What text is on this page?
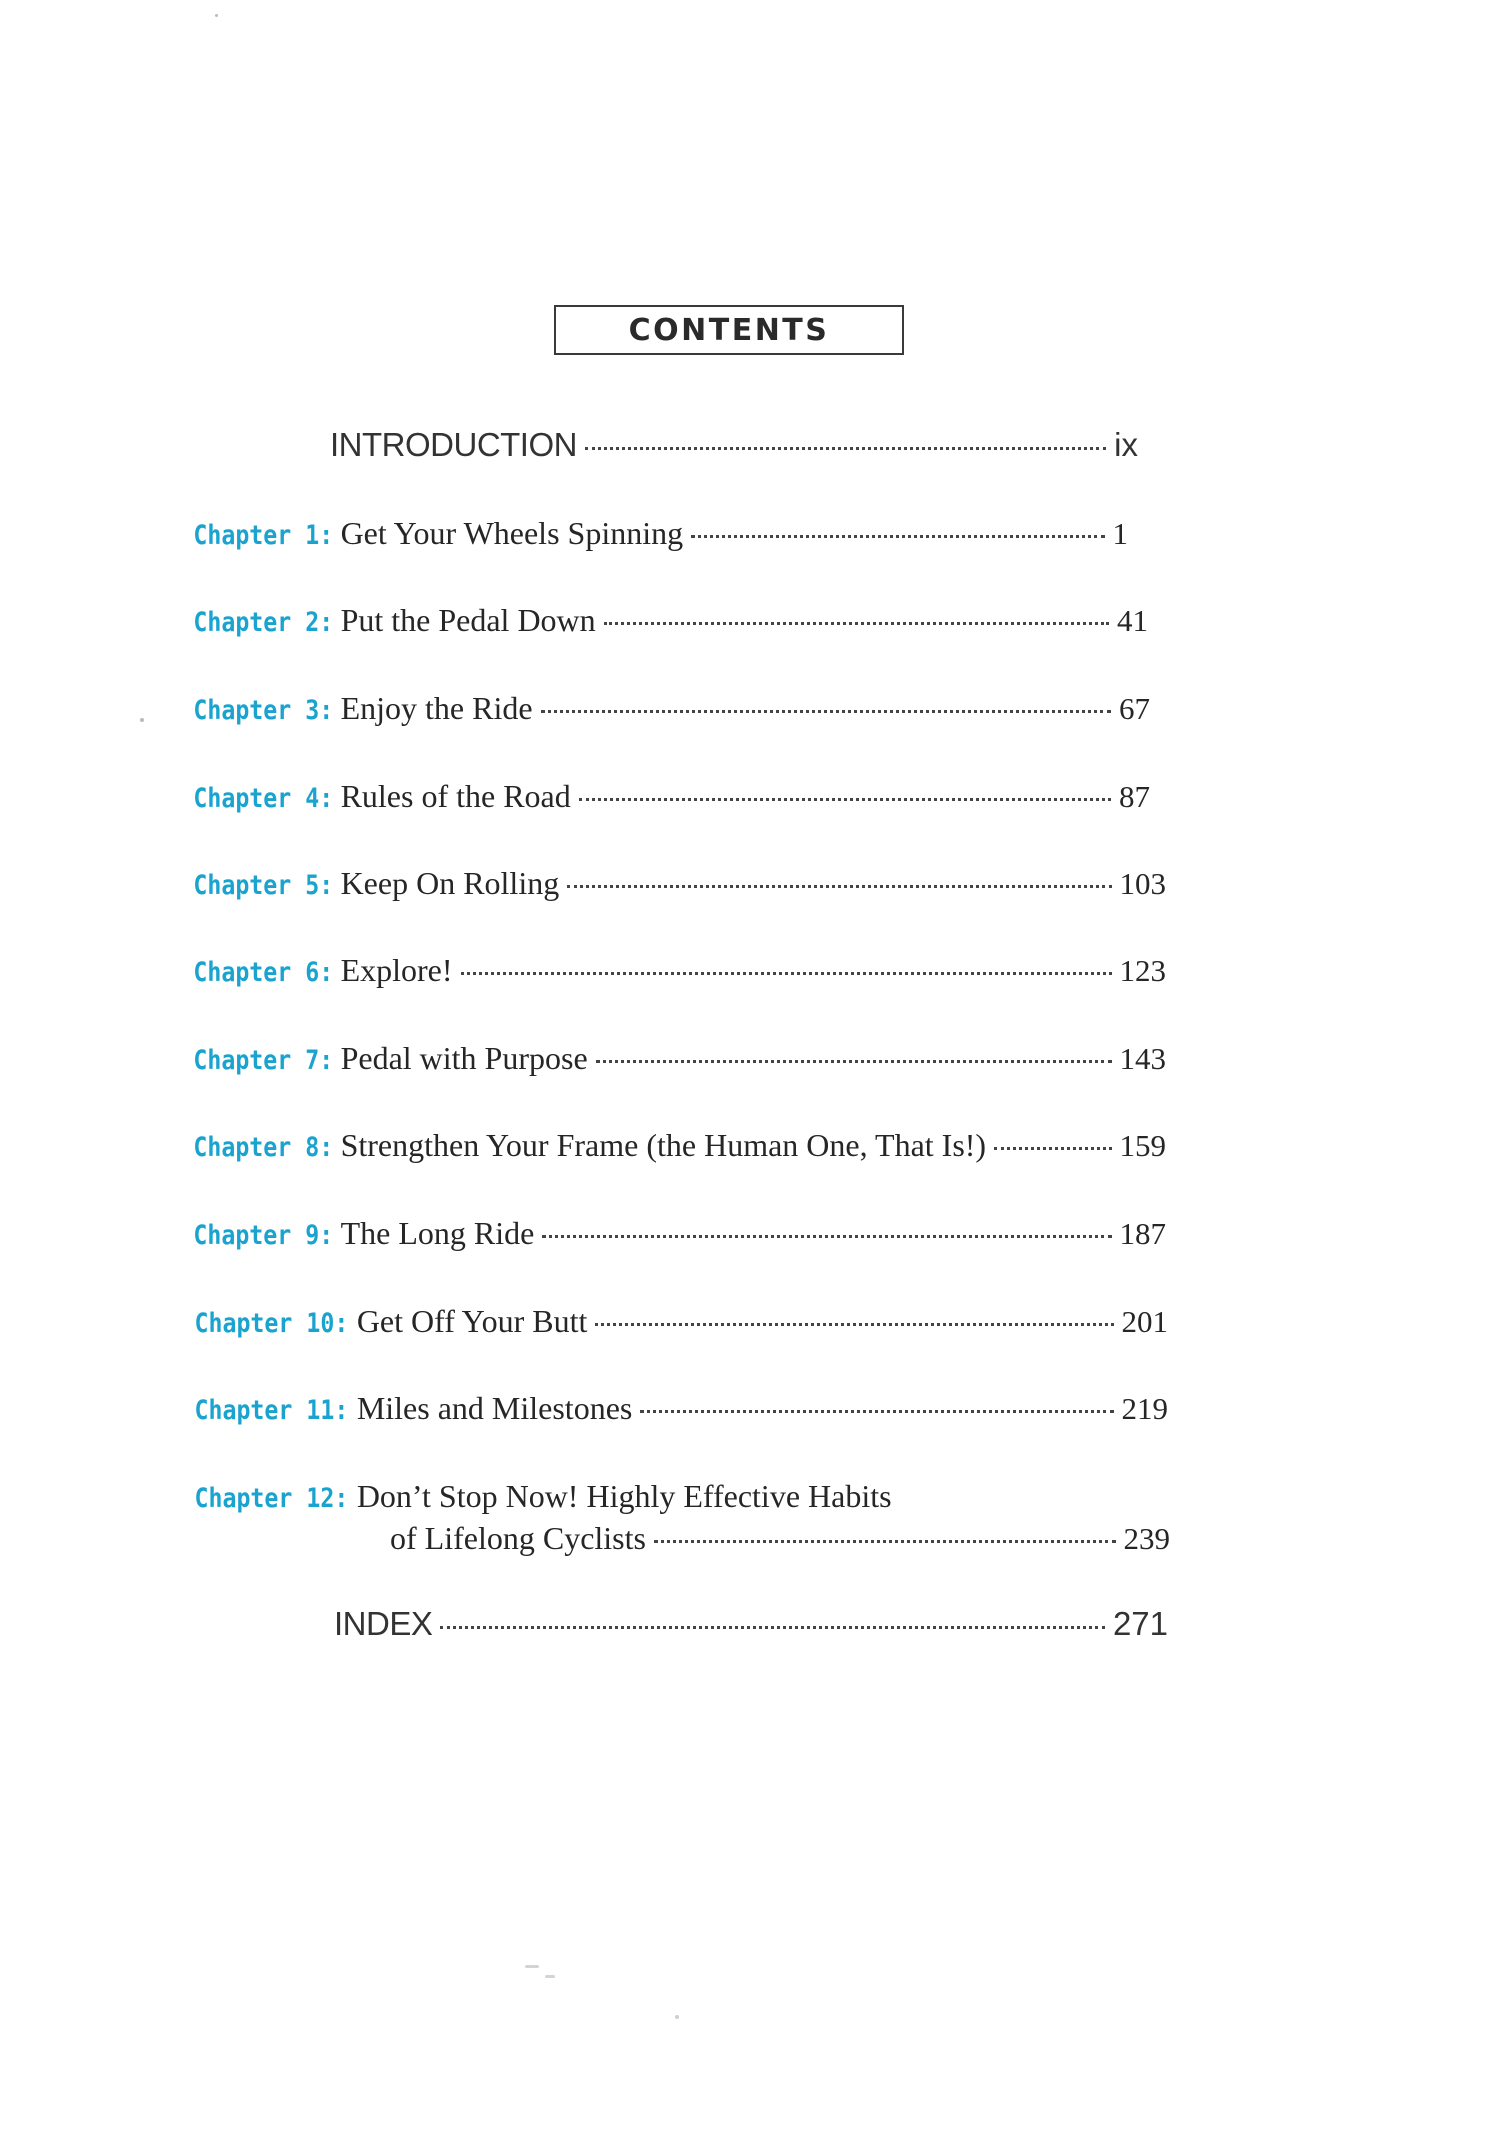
CONTENTS
INTRODUCTION	ix
Chapter 1: Get Your Wheels Spinning	1
Chapter 2: Put the Pedal Down	41
Chapter 3: Enjoy the Ride	67
Chapter 4: Rules of the Road	87
Chapter 5: Keep On Rolling	103
Chapter 6: Explore!	123
Chapter 7: Pedal with Purpose	143
Chapter 8: Strengthen Your Frame (the Human One, That Is!)	159
Chapter 9: The Long Ride	187
Chapter 10: Get Off Your Butt	201
Chapter 11: Miles and Milestones	219
Chapter 12: Don’t Stop Now! Highly Effective Habits
of Lifelong Cyclists	239
INDEX	271
